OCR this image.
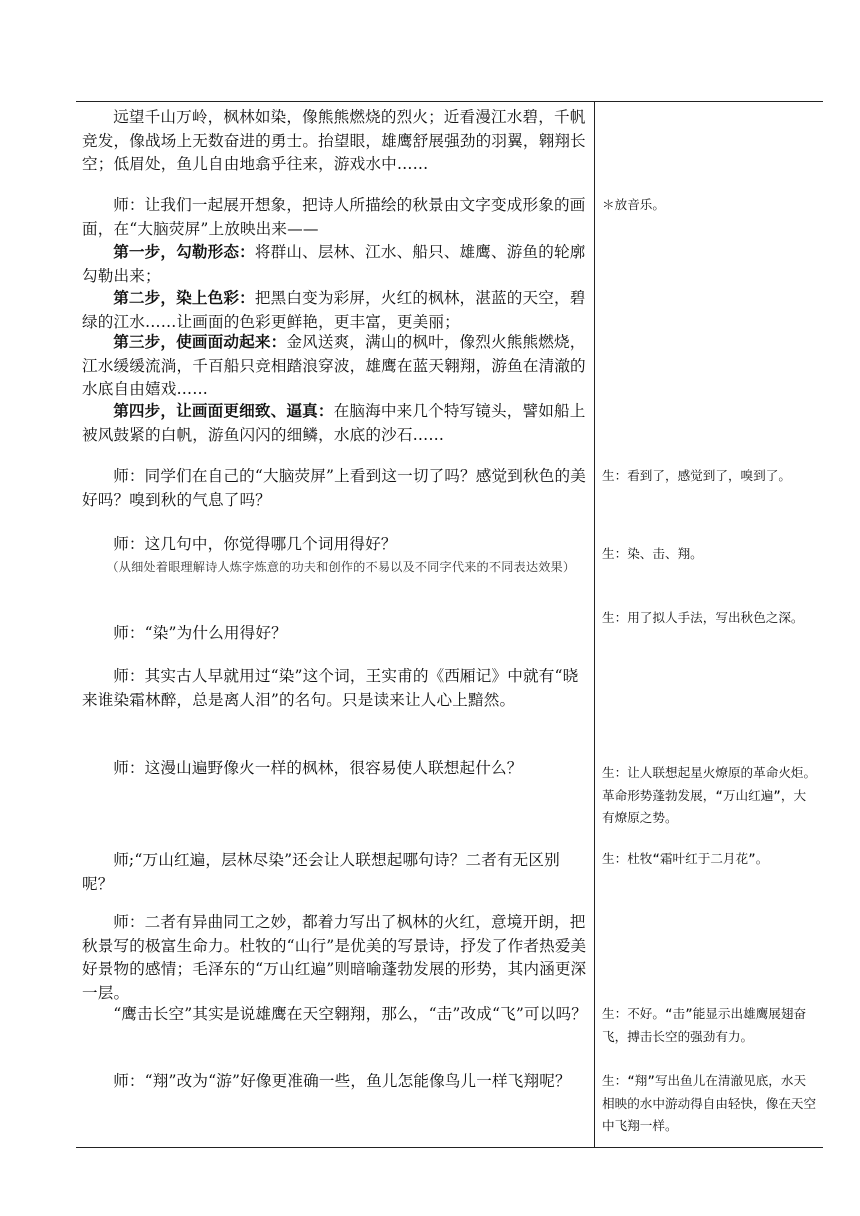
远望千山万岭，枫林如染，像熊熊燃烧的烈火；近看漫江水碧，千帆竞发，像战场上无数奋进的勇士。抬望眼，雄鹰舒展强劲的羽翼，翱翔长空；低眉处，鱼儿自由地翕乎往来，游戏水中……

师：让我们一起展开想象，把诗人所描绘的秋景由文字变成形象的画面，在“大脑荧屏”上放映出来——

第一步，勾勒形态：将群山、层林、江水、船只、雄鹰、游鱼的轮廓勾勒出来；

第二步，染上色彩：把黑白变为彩屏，火红的枫林，湛蓝的天空，碧绿的江水……让画面的色彩更鲜艳，更丰富，更美丽；

第三步，使画面动起来：金风送爽，满山的枫叶，像烈火熊熊燃烧，江水缓缓流淌，千百船只竞相踏浪穿波，雄鹰在蓝天翱翔，游鱼在清澈的水底自由嬉戏……

第四步，让画面更细致、逼真：在脑海中来几个特写镜头，譬如船上被风鼓紧的白帆，游鱼闪闪的细鳞，水底的沙石……

师：同学们在自己的“大脑荧屏”上看到这一切了吗？感觉到秋色的美好吗？嗅到秋的气息了吗？

师：这几句中，你觉得哪几个词用得好？

（从细处着眼理解诗人炼字炼意的功夫和创作的不易以及不同字代来的不同表达效果）

师：“染”为什么用得好？

师：其实古人早就用过“染”这个词，王实甫的《西厢记》中就有“晓来谁染霜林醉，总是离人泪”的名句。只是读来让人心上黯然。

师：这漫山遍野像火一样的枫林，很容易使人联想起什么？

师;“万山红遍，层林尽染”还会让人联想起哪句诗？二者有无区别呢？

师：二者有异曲同工之妙，都着力写出了枫林的火红，意境开朗，把秋景写的极富生命力。杜牧的“山行”是优美的写景诗，抒发了作者热爱美好景物的感情；毛泽东的“万山红遍”则暗喻蓬勃发展的形势，其内涵更深一层。

“鹰击长空”其实是说雄鹰在天空翱翔，那么，“击”改成“飞”可以吗？

师：“翔”改为“游”好像更准确一些，鱼儿怎能像鸟儿一样飞翔呢？

＊放音乐。
生：看到了，感觉到了，嗅到了。
生：染、击、翔。
生：用了拟人手法，写出秋色之深。
生：让人联想起星火燎原的革命火炬。革命形势蓬勃发展，“万山红遍”，大有燎原之势。
生：杜牧“霜叶红于二月花”。
生：不好。“击”能显示出雄鹰展翅奋飞，搏击长空的强劲有力。
生：“翔”写出鱼儿在清澈见底，水天相映的水中游动得自由轻快，像在天空中飞翔一样。
